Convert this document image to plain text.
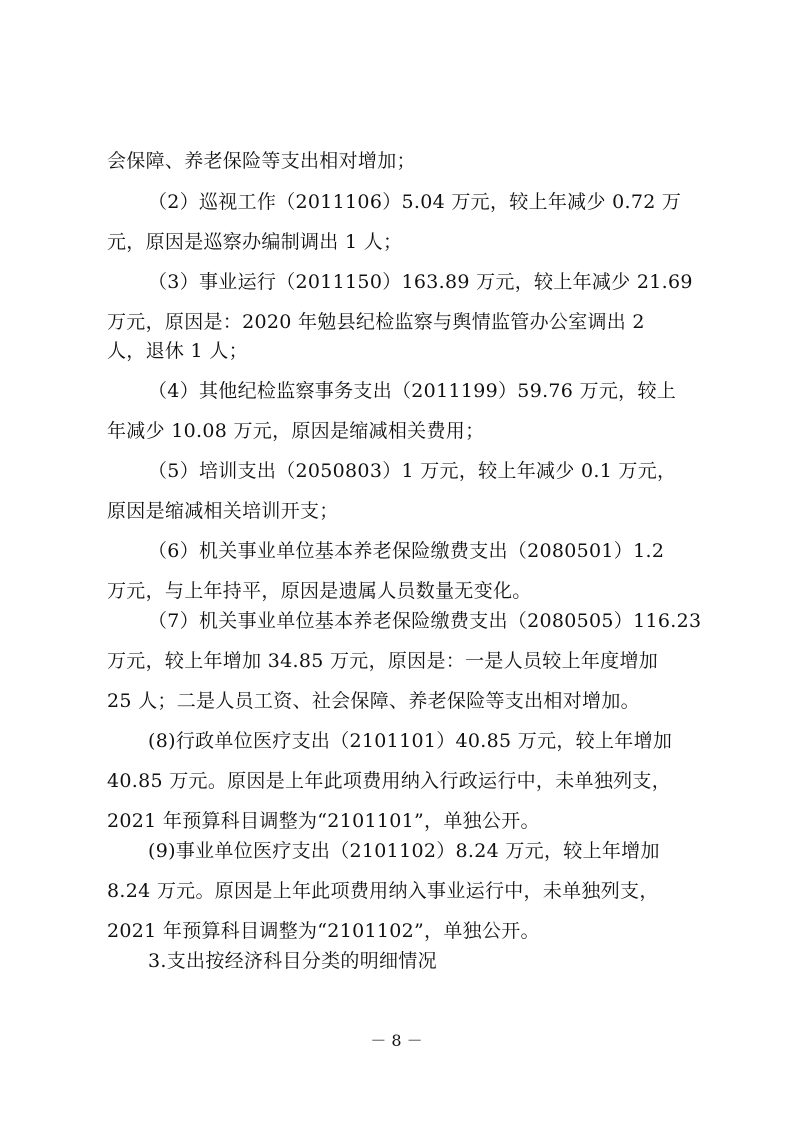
会保障、养老保险等支出相对增加；
（2）巡视工作（2011106）5.04 万元，较上年减少 0.72 万
元，原因是巡察办编制调出 1 人；
（3）事业运行（2011150）163.89 万元，较上年减少 21.69
万元，原因是：2020 年勉县纪检监察与舆情监管办公室调出 2
人，退休 1 人；
（4）其他纪检监察事务支出（2011199）59.76 万元，较上
年减少 10.08 万元，原因是缩减相关费用；
（5）培训支出（2050803）1 万元，较上年减少 0.1 万元，
原因是缩减相关培训开支；
（6）机关事业单位基本养老保险缴费支出（2080501）1.2
万元，与上年持平，原因是遗属人员数量无变化。
（7）机关事业单位基本养老保险缴费支出（2080505）116.23
万元，较上年增加 34.85 万元，原因是：一是人员较上年度增加
25 人；二是人员工资、社会保障、养老保险等支出相对增加。
(8)行政单位医疗支出（2101101）40.85 万元，较上年增加
40.85 万元。原因是上年此项费用纳入行政运行中，未单独列支，
2021 年预算科目调整为“2101101”，单独公开。
(9)事业单位医疗支出（2101102）8.24 万元，较上年增加
8.24 万元。原因是上年此项费用纳入事业运行中，未单独列支，
2021 年预算科目调整为“2101102”，单独公开。
3.支出按经济科目分类的明细情况
－ 8 －
